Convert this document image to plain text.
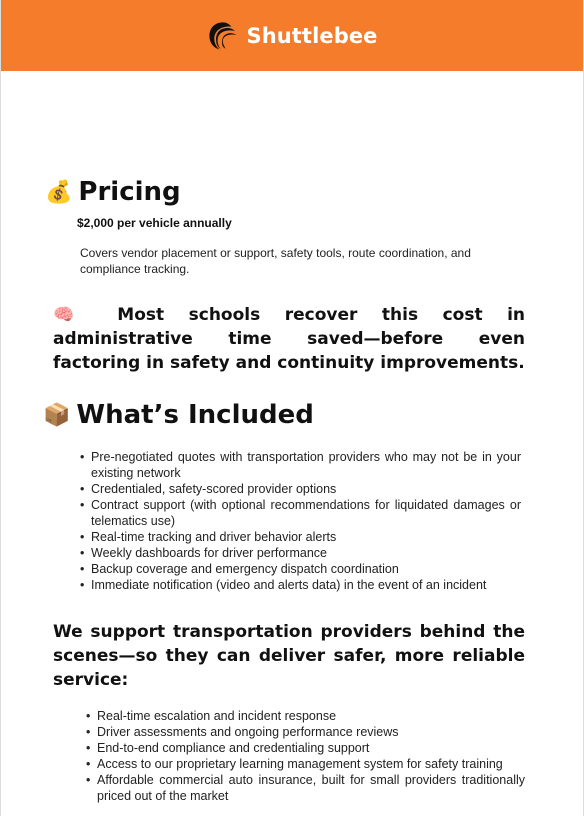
Shuttlebee
💰 Pricing
$2,000 per vehicle annually
Covers vendor placement or support, safety tools, route coordination, and compliance tracking.
🧠 Most schools recover this cost in administrative time saved—before even factoring in safety and continuity improvements.
📦 What’s Included
• Pre-negotiated quotes with transportation providers who may not be in your existing network
• Credentialed, safety-scored provider options
• Contract support (with optional recommendations for liquidated damages or telematics use)
• Real-time tracking and driver behavior alerts
• Weekly dashboards for driver performance
• Backup coverage and emergency dispatch coordination
• Immediate notification (video and alerts data) in the event of an incident
We support transportation providers behind the scenes—so they can deliver safer, more reliable service:
• Real-time escalation and incident response
• Driver assessments and ongoing performance reviews
• End-to-end compliance and credentialing support
• Access to our proprietary learning management system for safety training
• Affordable commercial auto insurance, built for small providers traditionally priced out of the market
